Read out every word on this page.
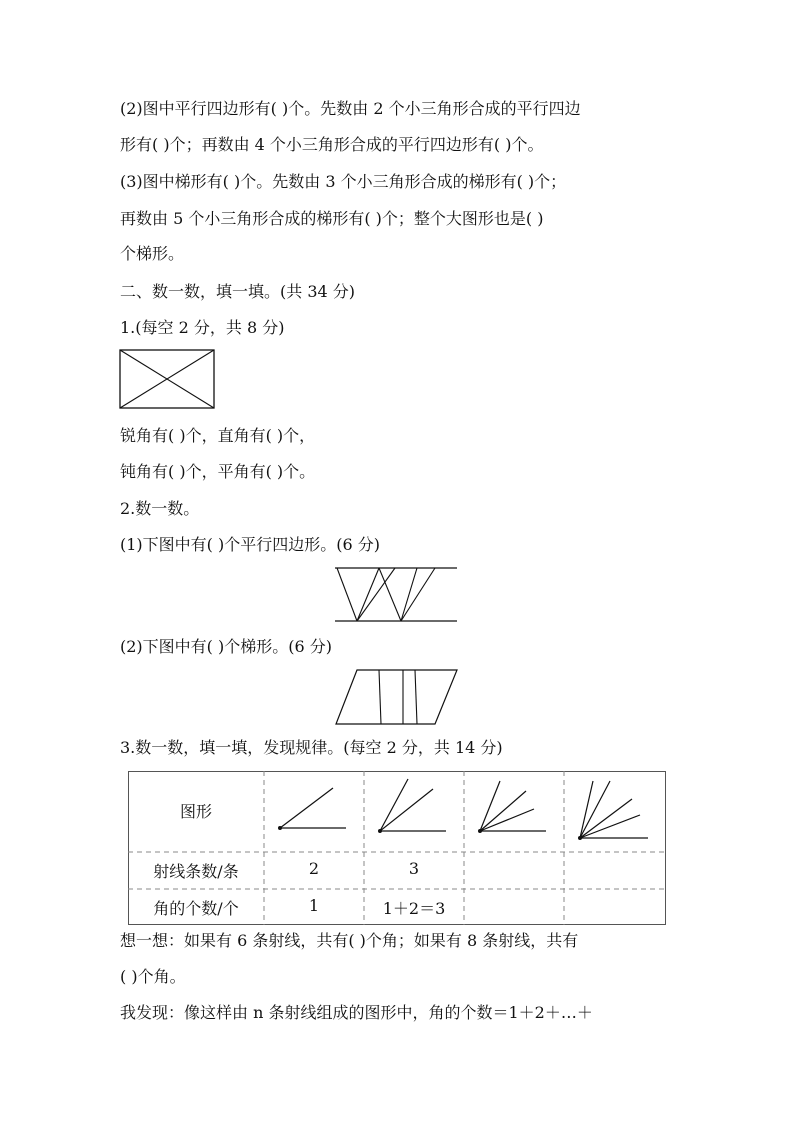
(2)图中平行四边形有( )个。先数由 2 个小三角形合成的平行四边
形有( )个；再数由 4 个小三角形合成的平行四边形有( )个。
(3)图中梯形有( )个。先数由 3 个小三角形合成的梯形有( )个；
再数由 5 个小三角形合成的梯形有( )个；整个大图形也是( )
个梯形。
二、数一数，填一填。(共 34 分)
1.(每空 2 分，共 8 分)
锐角有( )个，直角有( )个，
钝角有( )个，平角有( )个。
2.数一数。
(1)下图中有( )个平行四边形。(6 分)
(2)下图中有( )个梯形。(6 分)
3.数一数，填一填，发现规律。(每空 2 分，共 14 分)
图形
射线条数/条
角的个数/个
2	3
1	1＋2＝3
想一想：如果有 6 条射线，共有( )个角；如果有 8 条射线，共有
( )个角。
我发现：像这样由 n 条射线组成的图形中，角的个数＝1＋2＋…＋
